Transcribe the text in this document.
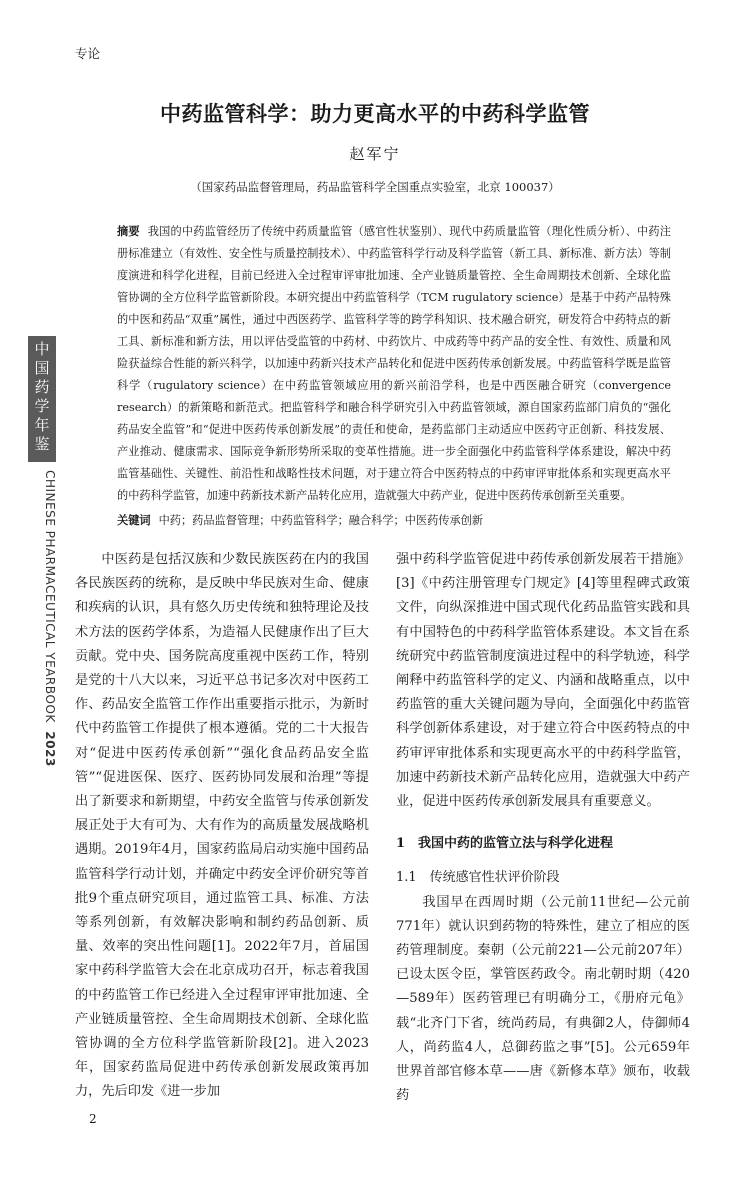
专论
中药监管科学：助力更高水平的中药科学监管
赵军宁
（国家药品监督管理局，药品监管科学全国重点实验室，北京 100037）
摘要 我国的中药监管经历了传统中药质量监管（感官性状鉴别）、现代中药质量监管（理化性质分析）、中药注册标准建立（有效性、安全性与质量控制技术）、中药监管科学行动及科学监管（新工具、新标准、新方法）等制度演进和科学化进程，目前已经进入全过程审评审批加速、全产业链质量管控、全生命周期技术创新、全球化监管协调的全方位科学监管新阶段。本研究提出中药监管科学（TCM rugulatory science）是基于中药产品特殊的中医和药品“双重”属性，通过中西医药学、监管科学等的跨学科知识、技术融合研究，研发符合中药特点的新工具、新标准和新方法，用以评估受监管的中药材、中药饮片、中成药等中药产品的安全性、有效性、质量和风险获益综合性能的新兴科学，以加速中药新兴技术产品转化和促进中医药传承创新发展。中药监管科学既是监管科学（rugulatory science）在中药监管领域应用的新兴前沿学科，也是中西医融合研究（convergence research）的新策略和新范式。把监管科学和融合科学研究引入中药监管领域，源自国家药监部门肩负的“强化药品安全监管”和“促进中医药传承创新发展”的责任和使命，是药监部门主动适应中医药守正创新、科技发展、产业推动、健康需求、国际竞争新形势所采取的变革性措施。进一步全面强化中药监管科学体系建设，解决中药监管基础性、关键性、前沿性和战略性技术问题，对于建立符合中医药特点的中药审评审批体系和实现更高水平的中药科学监管，加速中药新技术新产品转化应用，造就强大中药产业，促进中医药传承创新至关重要。
关键词 中药；药品监督管理；中药监管科学；融合科学；中医药传承创新
中国药学年鉴
CHINESE PHARMACEUTICAL YEARBOOK  2023

中医药是包括汉族和少数民族医药在内的我国各民族医药的统称，是反映中华民族对生命、健康和疾病的认识，具有悠久历史传统和独特理论及技术方法的医药学体系，为造福人民健康作出了巨大贡献。党中央、国务院高度重视中医药工作，特别是党的十八大以来，习近平总书记多次对中医药工作、药品安全监管工作作出重要指示批示，为新时代中药监管工作提供了根本遵循。党的二十大报告对“促进中医药传承创新”“强化食品药品安全监管”“促进医保、医疗、医药协同发展和治理”等提出了新要求和新期望，中药安全监管与传承创新发展正处于大有可为、大有作为的高质量发展战略机遇期。2019年4月，国家药监局启动实施中国药品监管科学行动计划，并确定中药安全评价研究等首批9个重点研究项目，通过监管工具、标准、方法等系列创新，有效解决影响和制约药品创新、质量、效率的突出性问题[1]。2022年7月，首届国家中药科学监管大会在北京成功召开，标志着我国的中药监管工作已经进入全过程审评审批加速、全产业链质量管控、全生命周期技术创新、全球化监管协调的全方位科学监管新阶段[2]。进入2023年，国家药监局促进中药传承创新发展政策再加力，先后印发《进一步加

强中药科学监管促进中药传承创新发展若干措施》[3]《中药注册管理专门规定》[4]等里程碑式政策文件，向纵深推进中国式现代化药品监管实践和具有中国特色的中药科学监管体系建设。本文旨在系统研究中药监管制度演进过程中的科学轨迹，科学阐释中药监管科学的定义、内涵和战略重点，以中药监管的重大关键问题为导向，全面强化中药监管科学创新体系建设，对于建立符合中医药特点的中药审评审批体系和实现更高水平的中药科学监管，加速中药新技术新产品转化应用，造就强大中药产业，促进中医药传承创新发展具有重要意义。

1　我国中药的监管立法与科学化进程
1.1　传统感官性状评价阶段

我国早在西周时期（公元前11世纪—公元前771年）就认识到药物的特殊性，建立了相应的医药管理制度。秦朝（公元前221—公元前207年）已设太医令臣，掌管医药政令。南北朝时期（420—589年）医药管理已有明确分工，《册府元龟》载“北齐门下省，统尚药局，有典御2人，侍御师4人，尚药监4人，总御药监之事”[5]。公元659年世界首部官修本草——唐《新修本草》颁布，收载药

2
